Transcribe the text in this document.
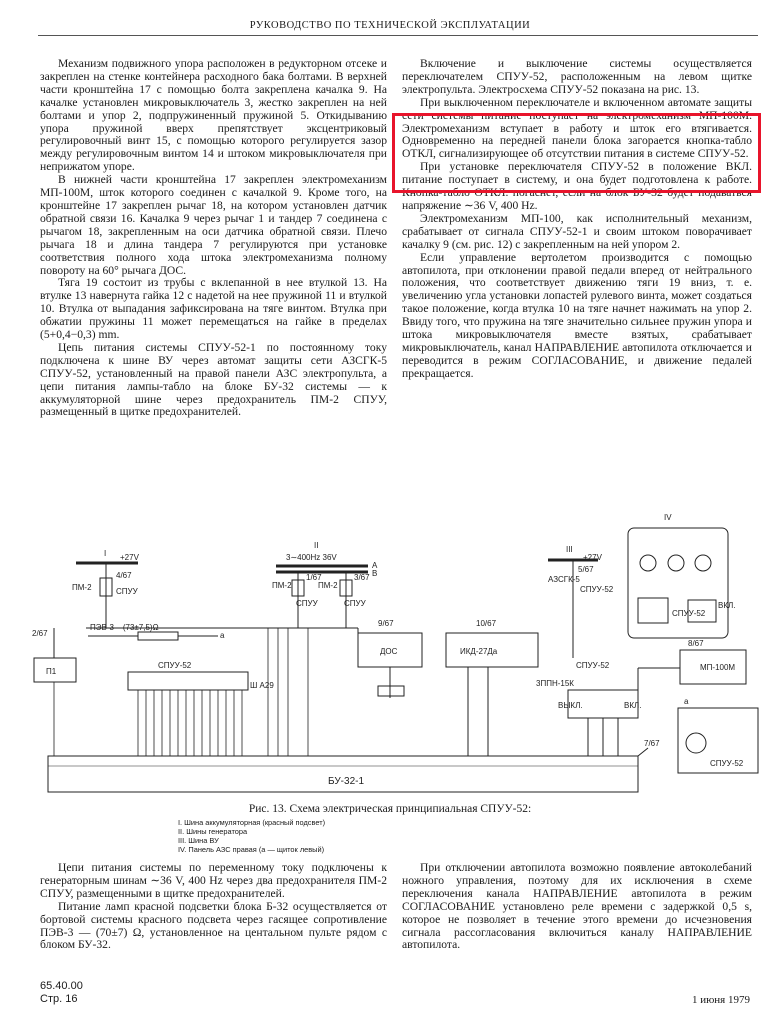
РУКОВОДСТВО ПО ТЕХНИЧЕСКОЙ ЭКСПЛУАТАЦИИ

Механизм подвижного упора расположен в редукторном отсеке и закреплен на стенке контейнера расходного бака болтами. В верхней части кронштейна 17 с помощью болта закреплена качалка 9. На качалке установлен микровыключатель 3, жестко закреплен на ней болтами и упор 2, подпружиненный пружиной 5. Откидыванию упора пружиной вверх препятствует эксцентриковый регулировочный винт 15, с помощью которого регулируется зазор между регулировочным винтом 14 и штоком микровыключателя при неприжатом упоре.

В нижней части кронштейна 17 закреплен электромеханизм МП-100М, шток которого соединен с качалкой 9. Кроме того, на кронштейне 17 закреплен рычаг 18, на котором установлен датчик обратной связи 16. Качалка 9 через рычаг 1 и тандер 7 соединена с рычагом 18, закрепленным на оси датчика обратной связи. Плечо рычага 18 и длина тандера 7 регулируются при установке соответствия полного хода штока электромеханизма полному повороту на 60° рычага ДОС.

Тяга 19 состоит из трубы с вклепанной в нее втулкой 13. На втулке 13 навернута гайка 12 с надетой на нее пружиной 11 и втулкой 10. Втулка от выпадания зафиксирована на тяге винтом. Втулка при обжатии пружины 11 может перемещаться на гайке в пределах (5+0,4−0,3) mm.

Цепь питания системы СПУУ-52-1 по постоянному току подключена к шине ВУ через автомат защиты сети АЗСГК-5 СПУУ-52, установленный на правой панели АЗС электропульта, а цепи питания лампы-табло на блоке БУ-32 системы — к аккумуляторной шине через предохранитель ПМ-2 СПУУ, размещенный в щитке предохранителей.

Включение и выключение системы осуществляется переключателем СПУУ-52, расположенным на левом щитке электропульта. Электросхема СПУУ-52 показана на рис. 13.

При выключенном переключателе и включенном автомате защиты сети системы питание поступает на электромеханизм МП-100М. Электромеханизм вступает в работу и шток его втягивается. Одновременно на передней панели блока загорается кнопка-табло ОТКЛ, сигнализирующее об отсутствии питания в системе СПУУ-52.

При установке переключателя СПУУ-52 в положение ВКЛ. питание поступает в систему, и она будет подготовлена к работе. Кнопка-табло ОТКЛ. погаснет, если на блок БУ-32 будет подаваться напряжение ∼36 V, 400 Hz.

Электромеханизм МП-100, как исполнительный механизм, срабатывает от сигнала СПУУ-52-1 и своим штоком поворачивает качалку 9 (см. рис. 12) с закрепленным на ней упором 2.

Если управление вертолетом производится с помощью автопилота, при отклонении правой педали вперед от нейтрального положения, что соответствует движению тяги 19 вниз, т. е. увеличению угла установки лопастей рулевого винта, может создаться такое положение, когда втулка 10 на тяге начнет нажимать на упор 2. Ввиду того, что пружина на тяге значительно сильнее пружин упора и штока микровыключателя вместе взятых, срабатывает микровыключатель, канал НАПРАВЛЕНИЕ автопилота отключается и переводится в режим СОГЛАСОВАНИЕ, и движение педалей прекращается.

I +27V
ПМ-2
4/67
СПУУ
II
3∼400Hz 36V
A
B
ПМ-2
1/67
ПМ-2
3/67
СПУУ	СПУУ
III
+27V
АЗСГК-5
5/67
СПУУ-52
IV
СПУУ-52
ВКЛ.
2/67
П1
ПЭВ-3 – (73±7,5)Ω
а
СПУУ-52
Ш А29
9/67
ДОС
10/67
ИКД-27Да
СПУУ-52
3ППН-15К
ВЫКЛ.	ВКЛ.
8/67
МП-100М
а
СПУУ-52
7/67
БУ-32-1
Рис. 13. Схема электрическая принципиальная СПУУ-52:
I. Шина аккумуляторная (красный подсвет)
II. Шины генератора
III. Шина ВУ
IV. Панель АЗС правая (а — щиток левый)

Цепи питания системы по переменному току подключены к генераторным шинам ∼36 V, 400 Hz через два предохранителя ПМ-2 СПУУ, размещенными в щитке предохранителей.

Питание ламп красной подсветки блока Б-32 осуществляется от бортовой системы красного подсвета через гасящее сопротивление ПЭВ-3 — (70±7) Ω, установленное на центальном пульте рядом с блоком БУ-32.

При отключении автопилота возможно появление автоколебаний ножного управления, поэтому для их исключения в схеме переключения канала НАПРАВЛЕНИЕ автопилота в режим СОГЛАСОВАНИЕ установлено реле времени с задержкой 0,5 s, которое не позволяет в течение этого времени до исчезновения сигнала рассогласования включиться каналу НАПРАВЛЕНИЕ автопилота.

65.40.00
Стр. 16	1 июня 1979
